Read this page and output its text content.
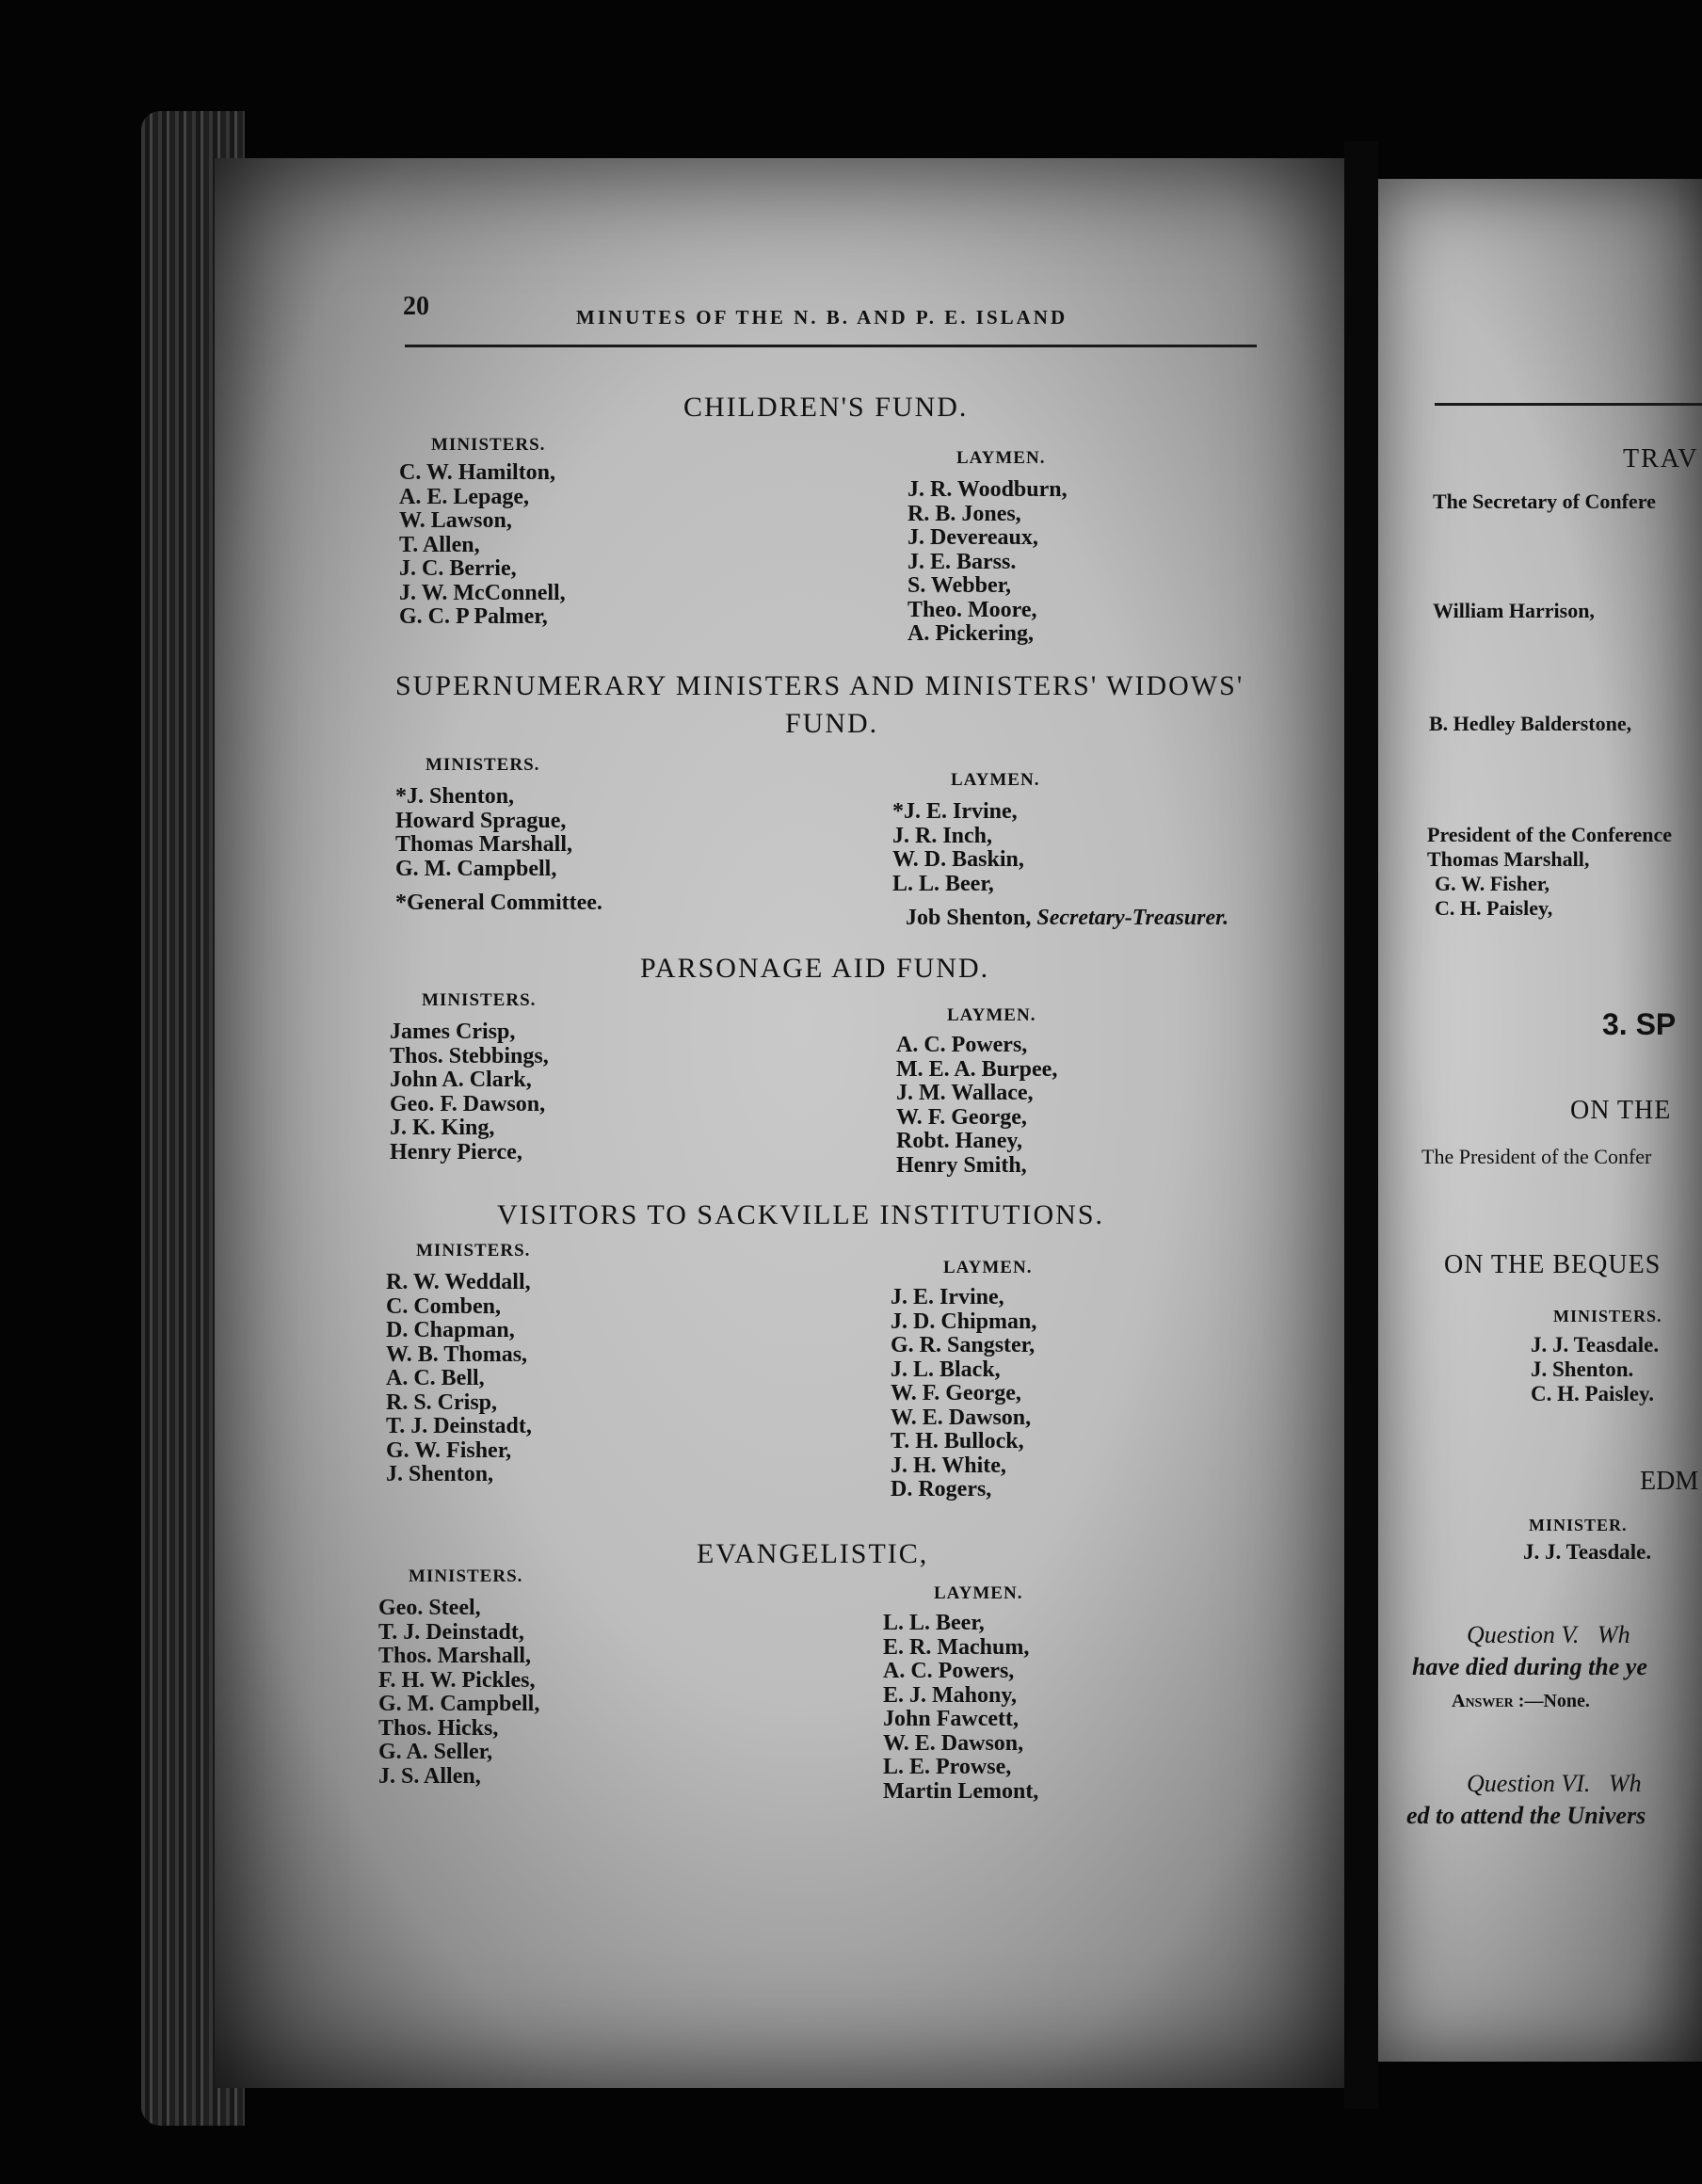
20	MINUTES OF THE N. B. AND P. E. ISLAND
CHILDREN'S FUND.
MINISTERS.
LAYMEN.
C. W. Hamilton,
A. E. Lepage,
W. Lawson,
T. Allen,
J. C. Berrie,
J. W. McConnell,
G. C. P Palmer,
J. R. Woodburn,
R. B. Jones,
J. Devereaux,
J. E. Barss.
S. Webber,
Theo. Moore,
A. Pickering,
SUPERNUMERARY MINISTERS AND MINISTERS' WIDOWS'
FUND.
MINISTERS.
LAYMEN.
*J. Shenton,
Howard Sprague,
Thomas Marshall,
G. M. Campbell,
*General Committee.
*J. E. Irvine,
J. R. Inch,
W. D. Baskin,
L. L. Beer,
Job Shenton, Secretary-Treasurer.
PARSONAGE AID FUND.
MINISTERS.
LAYMEN.
James Crisp,
Thos. Stebbings,
John A. Clark,
Geo. F. Dawson,
J. K. King,
Henry Pierce,
A. C. Powers,
M. E. A. Burpee,
J. M. Wallace,
W. F. George,
Robt. Haney,
Henry Smith,
VISITORS TO SACKVILLE INSTITUTIONS.
MINISTERS.
LAYMEN.
R. W. Weddall,
C. Comben,
D. Chapman,
W. B. Thomas,
A. C. Bell,
R. S. Crisp,
T. J. Deinstadt,
G. W. Fisher,
J. Shenton,
J. E. Irvine,
J. D. Chipman,
G. R. Sangster,
J. L. Black,
W. F. George,
W. E. Dawson,
T. H. Bullock,
J. H. White,
D. Rogers,
EVANGELISTIC,
MINISTERS.
LAYMEN.
Geo. Steel,
T. J. Deinstadt,
Thos. Marshall,
F. H. W. Pickles,
G. M. Campbell,
Thos. Hicks,
G. A. Seller,
J. S. Allen,
L. L. Beer,
E. R. Machum,
A. C. Powers,
E. J. Mahony,
John Fawcett,
W. E. Dawson,
L. E. Prowse,
Martin Lemont,
TRAV
The Secretary of Confere
William Harrison,
B. Hedley Balderstone,
President of the Conference
Thomas Marshall,
G. W. Fisher,
C. H. Paisley,
3. SP
ON THE
The President of the Confer
ON THE BEQUES
MINISTERS.
J. J. Teasdale.
J. Shenton.
C. H. Paisley.
EDM
MINISTER.
J. J. Teasdale.
Question V. Wh
have died during the ye
Answer :—None.
Question VI. Wh
ed to attend the Univers
